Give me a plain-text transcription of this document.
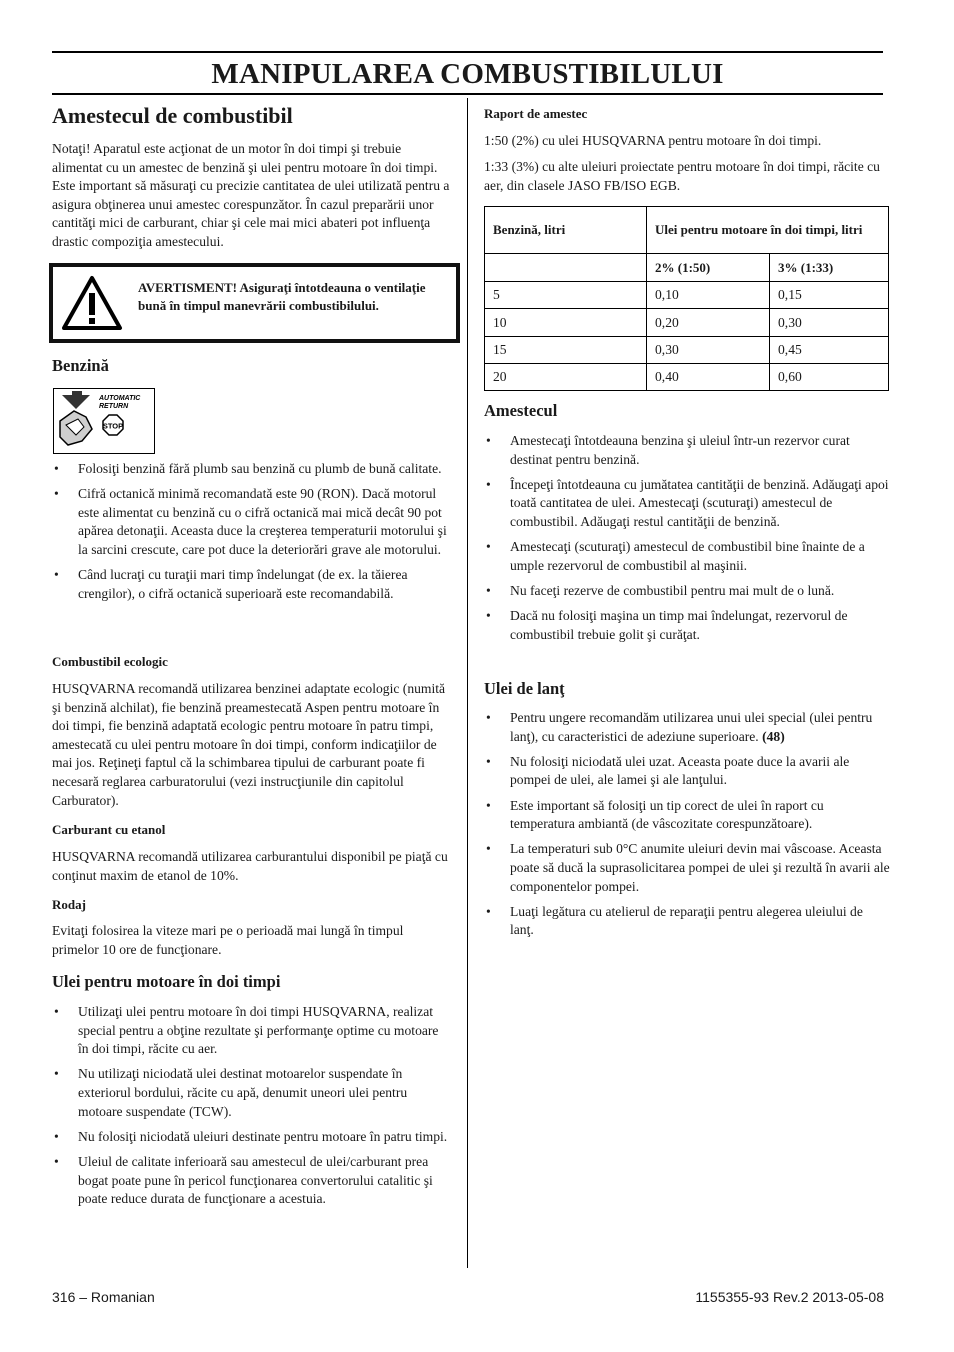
MANIPULAREA COMBUSTIBILULUI
Amestecul de combustibil

Notaţi! Aparatul este acţionat de un motor în doi timpi şi trebuie alimentat cu un amestec de benzină şi ulei pentru motoare în doi timpi. Este important să măsuraţi cu precizie cantitatea de ulei utilizată pentru a asigura obţinerea unui amestec corespunzător. În cazul preparării unor cantităţi mici de carburant, chiar şi cele mai mici abateri pot influenţa drastic compoziţia amestecului.

AVERTISMENT! Asiguraţi întotdeauna o ventilaţie bună în timpul manevrării combustibilului.
Benzină
AUTOMATIC
RETURN
STOP
• Folosiţi benzină fără plumb sau benzină cu plumb de bună calitate.
• Cifră octanică minimă recomandată este 90 (RON). Dacă motorul este alimentat cu benzină cu o cifră octanică mai mică decât 90 pot apărea detonaţii. Aceasta duce la creşterea temperaturii motorului şi la sarcini crescute, care pot duce la deteriorări grave ale motorului.
• Când lucraţi cu turaţii mari timp îndelungat (de ex. la tăierea crengilor), o cifră octanică superioară este recomandabilă.
Combustibil ecologic

HUSQVARNA recomandă utilizarea benzinei adaptate ecologic (numită şi benzină alchilat), fie benzină preamestecată Aspen pentru motoare în doi timpi, fie benzină adaptată ecologic pentru motoare în patru timpi, amestecată cu ulei pentru motoare în doi timpi, conform indicaţiilor de mai jos. Reţineţi faptul că la schimbarea tipului de carburant poate fi necesară reglarea carburatorului (vezi instrucţiunile din capitolul Carburator).

Carburant cu etanol

HUSQVARNA recomandă utilizarea carburantului disponibil pe piaţă cu conţinut maxim de etanol de 10%.

Rodaj

Evitaţi folosirea la viteze mari pe o perioadă mai lungă în timpul primelor 10 ore de funcţionare.

Ulei pentru motoare în doi timpi
• Utilizaţi ulei pentru motoare în doi timpi HUSQVARNA, realizat special pentru a obţine rezultate şi performanţe optime cu motoare în doi timpi, răcite cu aer.
• Nu utilizaţi niciodată ulei destinat motoarelor suspendate în exteriorul bordului, răcite cu apă, denumit uneori ulei pentru motoare suspendate (TCW).
• Nu folosiţi niciodată uleiuri destinate pentru motoare în patru timpi.
• Uleiul de calitate inferioară sau amestecul de ulei/carburant prea bogat poate pune în pericol funcţionarea convertorului catalitic şi poate reduce durata de funcţionare a acestuia.
Raport de amestec

1:50 (2%) cu ulei HUSQVARNA pentru motoare în doi timpi.

1:33 (3%) cu alte uleiuri proiectate pentru motoare în doi timpi, răcite cu aer, din clasele JASO FB/ISO EGB.

Benzină, litri	Ulei pentru motoare în doi timpi, litri	
	2% (1:50)	3% (1:33)
5	0,10	0,15
10	0,20	0,30
15	0,30	0,45
20	0,40	0,60
Amestecul
• Amestecaţi întotdeauna benzina şi uleiul într-un rezervor curat destinat pentru benzină.
• Începeţi întotdeauna cu jumătatea cantităţii de benzină. Adăugaţi apoi toată cantitatea de ulei. Amestecaţi (scuturaţi) amestecul de combustibil. Adăugaţi restul cantităţii de benzină.
• Amestecaţi (scuturaţi) amestecul de combustibil bine înainte de a umple rezervorul de combustibil al maşinii.
• Nu faceţi rezerve de combustibil pentru mai mult de o lună.
• Dacă nu folosiţi maşina un timp mai îndelungat, rezervorul de combustibil trebuie golit şi curăţat.
Ulei de lanţ
• Pentru ungere recomandăm utilizarea unui ulei special (ulei pentru lanţ), cu caracteristici de adeziune superioare. (48)
• Nu folosiţi niciodată ulei uzat. Aceasta poate duce la avarii ale pompei de ulei, ale lamei şi ale lanţului.
• Este important să folosiţi un tip corect de ulei în raport cu temperatura ambiantă (de vâscozitate corespunzătoare).
• La temperaturi sub 0°C anumite uleiuri devin mai vâscoase. Aceasta poate să ducă la suprasolicitarea pompei de ulei şi rezultă în avarii ale componentelor pompei.
• Luaţi legătura cu atelierul de reparaţii pentru alegerea uleiului de lanţ.
316 – Romanian	1155355-93 Rev.2 2013-05-08
